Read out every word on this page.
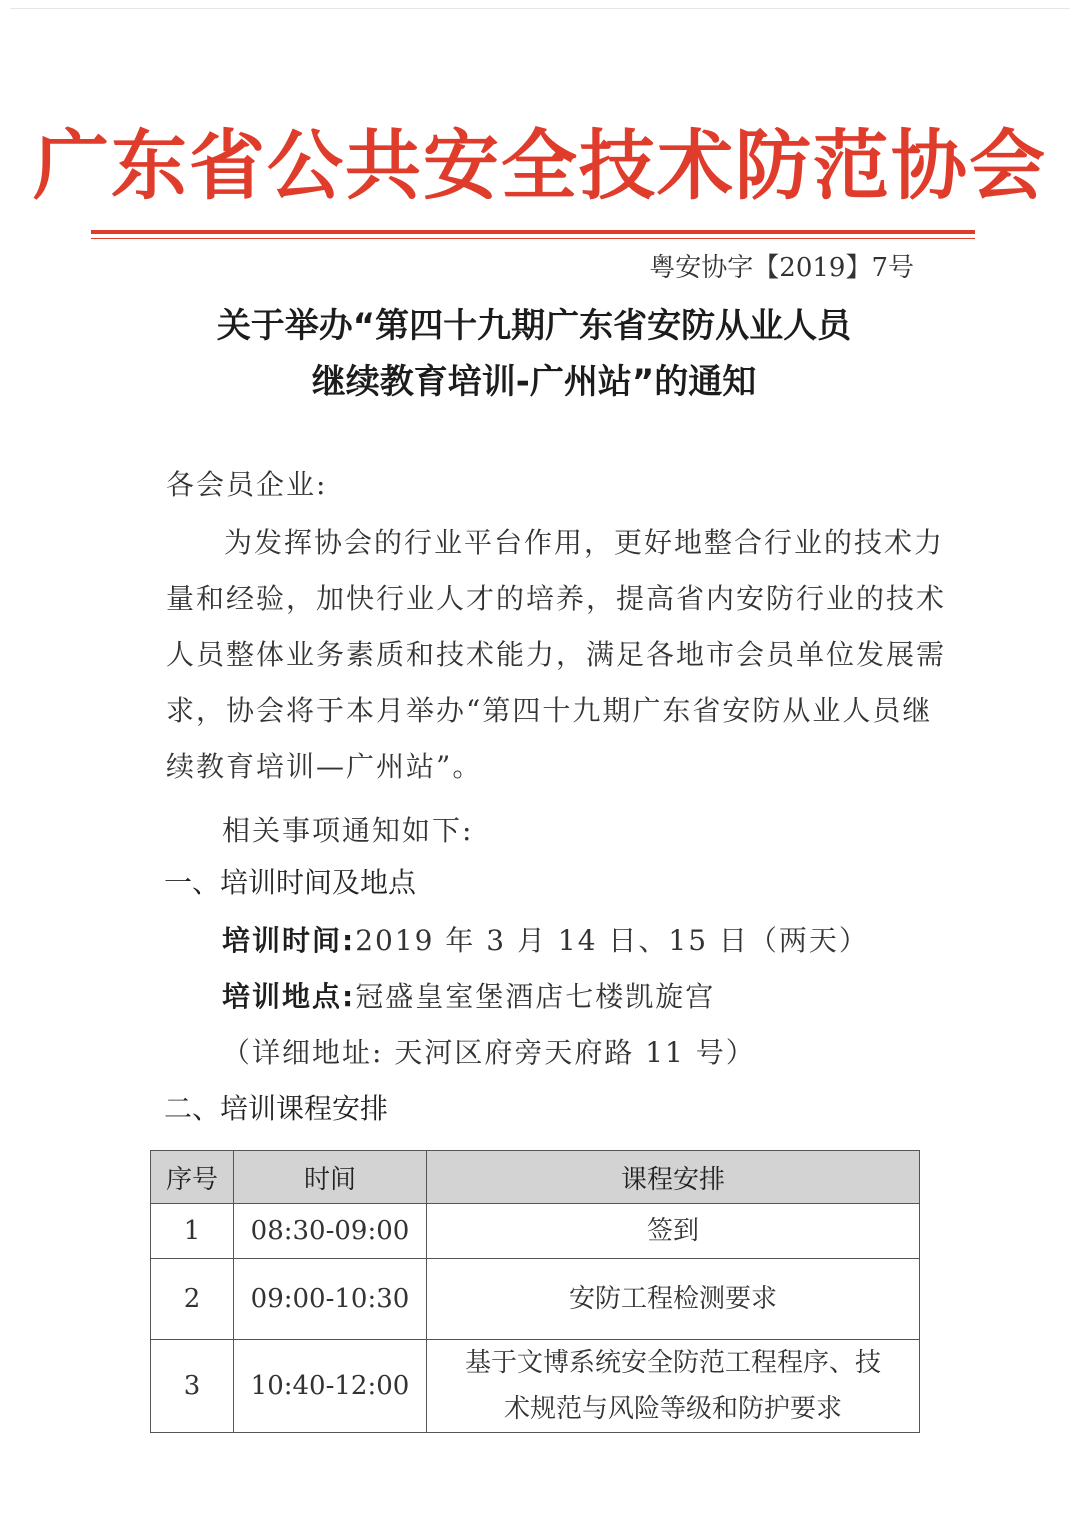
广东省公共安全技术防范协会
粤安协字【2019】7号
关于举办“第四十九期广东省安防从业人员
继续教育培训-广州站”的通知
各会员企业:
为发挥协会的行业平台作用，更好地整合行业的技术力
量和经验，加快行业人才的培养，提高省内安防行业的技术
人员整体业务素质和技术能力，满足各地市会员单位发展需
求，协会将于本月举办“第四十九期广东省安防从业人员继
续教育培训—广州站”。
相关事项通知如下:
一、培训时间及地点
培训时间:2019 年 3 月 14 日、15 日（两天）
培训地点:冠盛皇室堡酒店七楼凯旋宫
（详细地址: 天河区府旁天府路 11 号）
二、培训课程安排
序号	时间	课程安排
1	08:30-09:00	签到
2	09:00-10:30	安防工程检测要求
3	10:40-12:00	基于文博系统安全防范工程程序、技
术规范与风险等级和防护要求
